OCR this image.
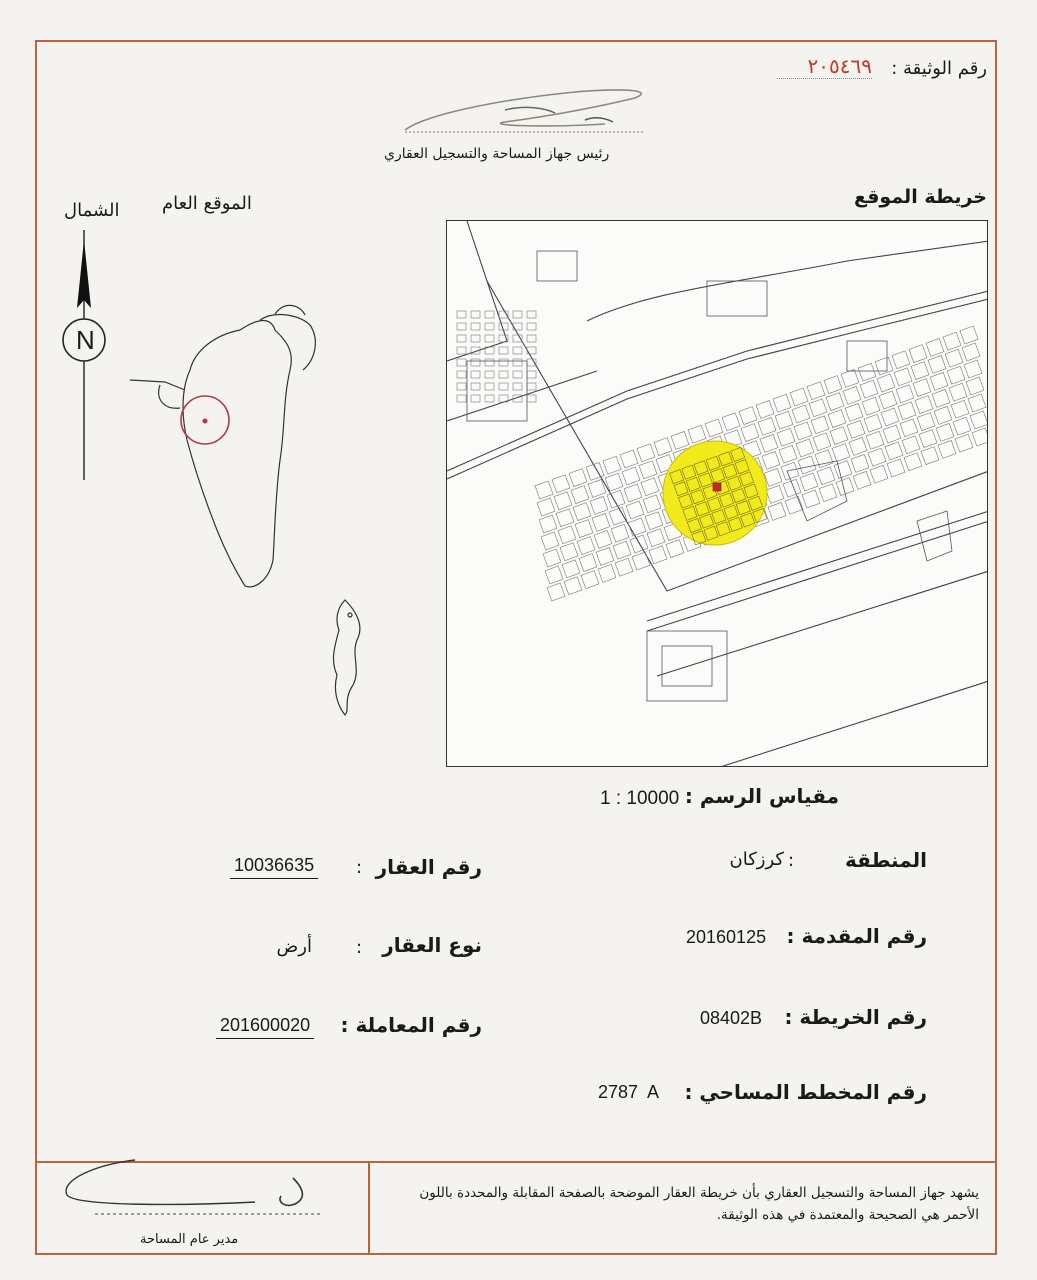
رقم الوثيقة :
٢٠٥٤٦٩
رئيس جهاز المساحة والتسجيل العقاري
خريطة الموقع
الموقع العام
الشمال
N
مقياس الرسم :
1 : 10000
المنطقة
:
كرزكان
رقم المقدمة :
20160125
رقم الخريطة :
08402B
رقم المخطط المساحي :
2787  A
رقم العقار
:
10036635
نوع العقار
:
أرض
رقم المعاملة :
201600020
يشهد جهاز المساحة والتسجيل العقاري بأن خريطة العقار الموضحة بالصفحة المقابلة والمحددة باللون الأحمر هي الصحيحة والمعتمدة في هذه الوثيقة.
مدير عام المساحة
